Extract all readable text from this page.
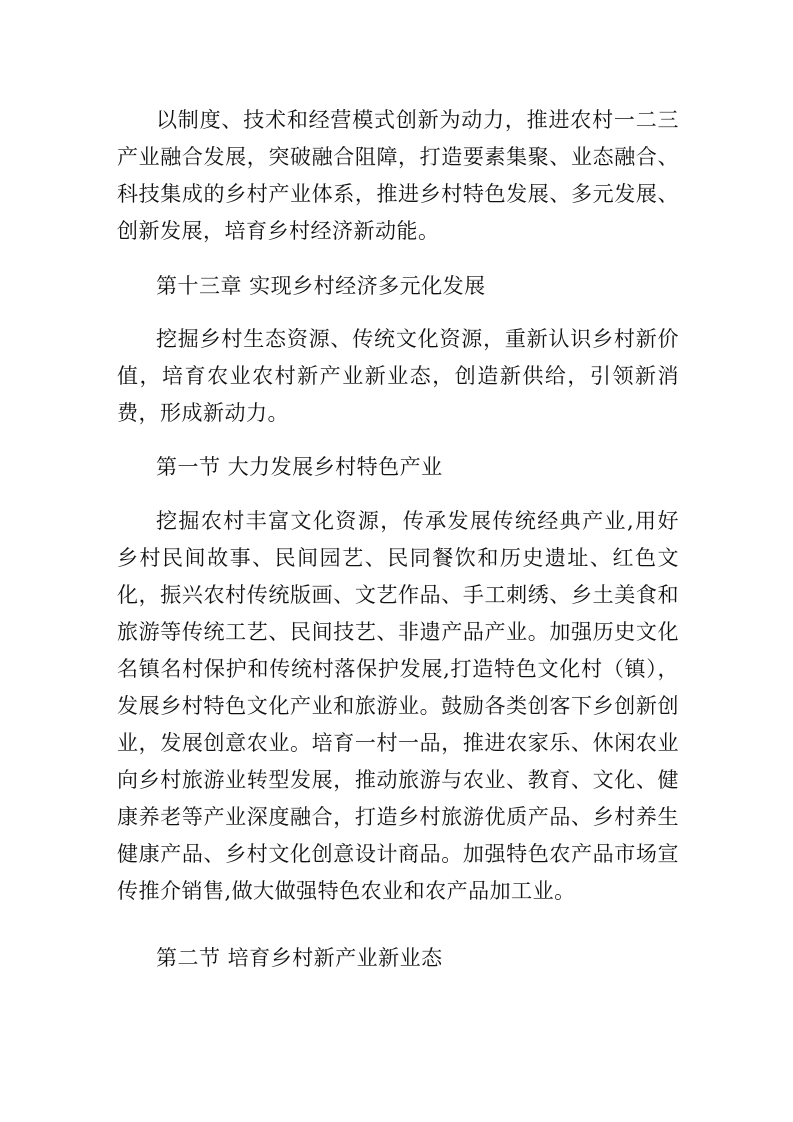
以制度、技术和经营模式创新为动力，推进农村一二三产业融合发展，突破融合阻障，打造要素集聚、业态融合、科技集成的乡村产业体系，推进乡村特色发展、多元发展、创新发展，培育乡村经济新动能。

第十三章 实现乡村经济多元化发展

挖掘乡村生态资源、传统文化资源，重新认识乡村新价值，培育农业农村新产业新业态，创造新供给，引领新消费，形成新动力。

第一节 大力发展乡村特色产业

挖掘农村丰富文化资源，传承发展传统经典产业,用好乡村民间故事、民间园艺、民同餐饮和历史遗址、红色文化，振兴农村传统版画、文艺作品、手工刺绣、乡土美食和旅游等传统工艺、民间技艺、非遗产品产业。加强历史文化名镇名村保护和传统村落保护发展,打造特色文化村（镇），发展乡村特色文化产业和旅游业。鼓励各类创客下乡创新创业，发展创意农业。培育一村一品，推进农家乐、休闲农业向乡村旅游业转型发展，推动旅游与农业、教育、文化、健康养老等产业深度融合，打造乡村旅游优质产品、乡村养生健康产品、乡村文化创意设计商品。加强特色农产品市场宣传推介销售,做大做强特色农业和农产品加工业。

第二节 培育乡村新产业新业态
